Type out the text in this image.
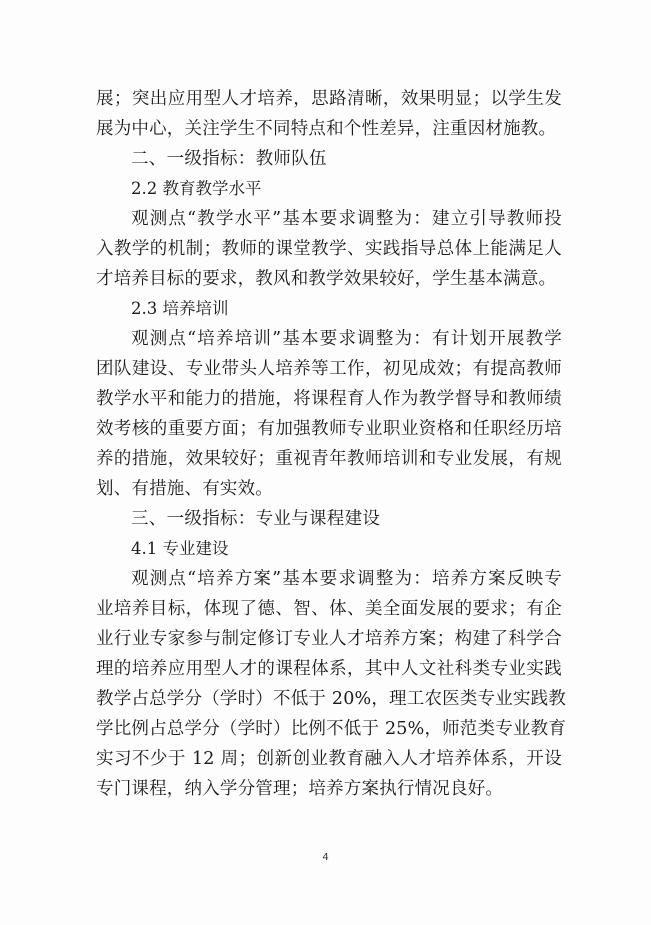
展；突出应用型人才培养，思路清晰，效果明显；以学生发
展为中心，关注学生不同特点和个性差异，注重因材施教。
二、一级指标：教师队伍
2.2 教育教学水平
观测点“教学水平”基本要求调整为：建立引导教师投
入教学的机制；教师的课堂教学、实践指导总体上能满足人
才培养目标的要求，教风和教学效果较好，学生基本满意。
2.3 培养培训
观测点“培养培训”基本要求调整为：有计划开展教学
团队建设、专业带头人培养等工作，初见成效；有提高教师
教学水平和能力的措施，将课程育人作为教学督导和教师绩
效考核的重要方面；有加强教师专业职业资格和任职经历培
养的措施，效果较好；重视青年教师培训和专业发展，有规
划、有措施、有实效。
三、一级指标：专业与课程建设
4.1 专业建设
观测点“培养方案”基本要求调整为：培养方案反映专
业培养目标，体现了德、智、体、美全面发展的要求；有企
业行业专家参与制定修订专业人才培养方案；构建了科学合
理的培养应用型人才的课程体系，其中人文社科类专业实践
教学占总学分（学时）不低于 20%，理工农医类专业实践教
学比例占总学分（学时）比例不低于 25%，师范类专业教育
实习不少于 12 周；创新创业教育融入人才培养体系，开设
专门课程，纳入学分管理；培养方案执行情况良好。
4
